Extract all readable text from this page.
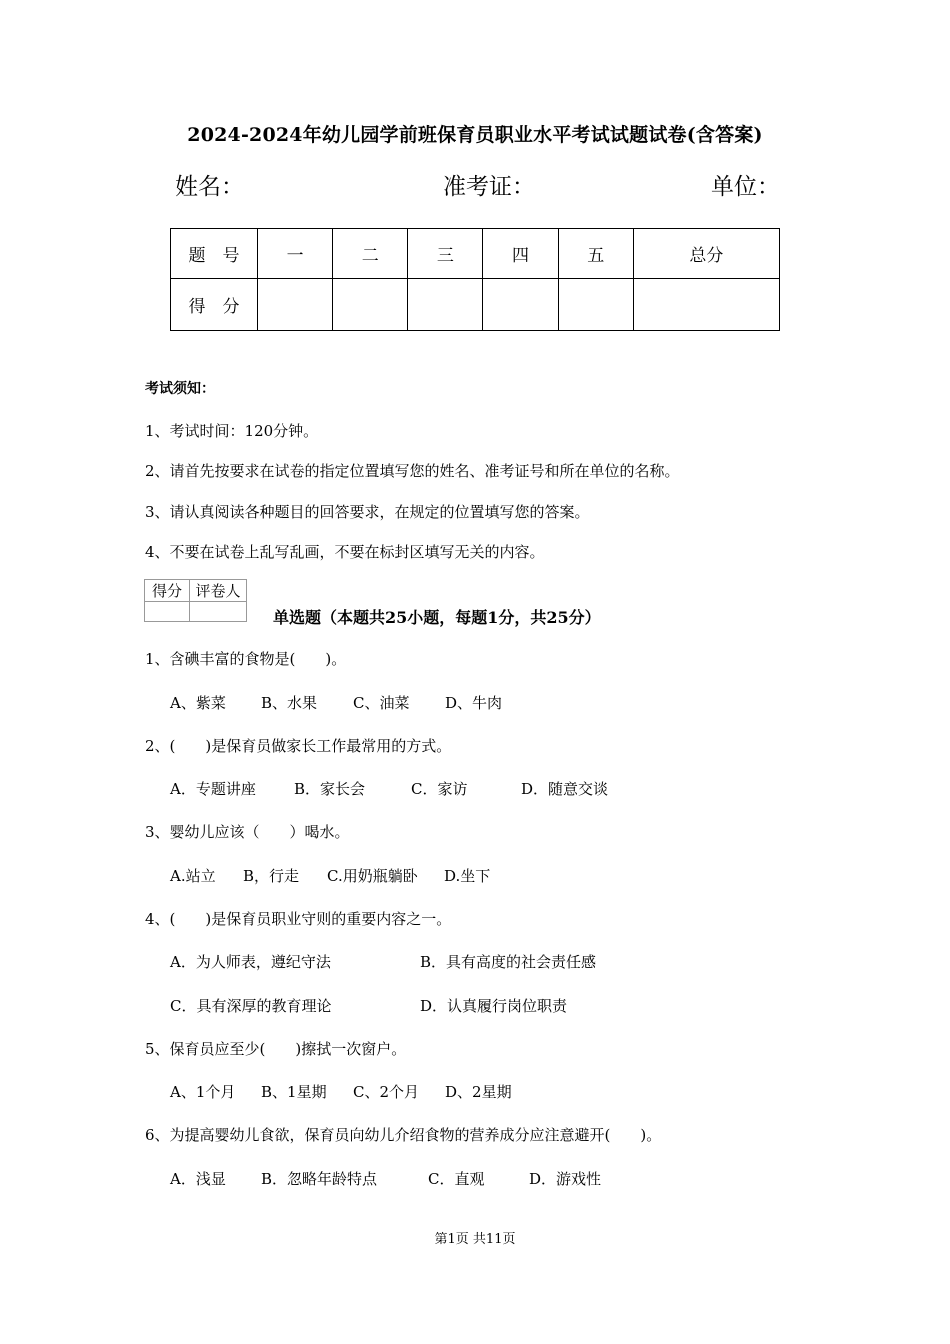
2024-2024年幼儿园学前班保育员职业水平考试试题试卷(含答案)
姓名：	准考证：	单位：
题　号	一	二	三	四	五	总分
得　分						
考试须知：
1、考试时间：120分钟。
2、请首先按要求在试卷的指定位置填写您的姓名、准考证号和所在单位的名称。
3、请认真阅读各种题目的回答要求，在规定的位置填写您的答案。
4、不要在试卷上乱写乱画，不要在标封区填写无关的内容。
得分	评卷人

单选题（本题共25小题，每题1分，共25分）
1、含碘丰富的食物是(　　)。
A、紫菜 B、水果 C、油菜 D、牛肉
2、(　　)是保育员做家长工作最常用的方式。
A．专题讲座	B．家长会	C．家访	D．随意交谈
3、婴幼儿应该（　　）喝水。
A.站立 B，行走 C.用奶瓶躺卧 D.坐下
4、(　　)是保育员职业守则的重要内容之一。
A．为人师表，遵纪守法	B．具有高度的社会责任感
C．具有深厚的教育理论	D．认真履行岗位职责
5、保育员应至少(　　)擦拭一次窗户。
A、1个月 B、1星期 C、2个月 D、2星期
6、为提高婴幼儿食欲，保育员向幼儿介绍食物的营养成分应注意避开(　　)。
A．浅显 B．忽略年龄特点	C．直观	D．游戏性
第1页 共11页
